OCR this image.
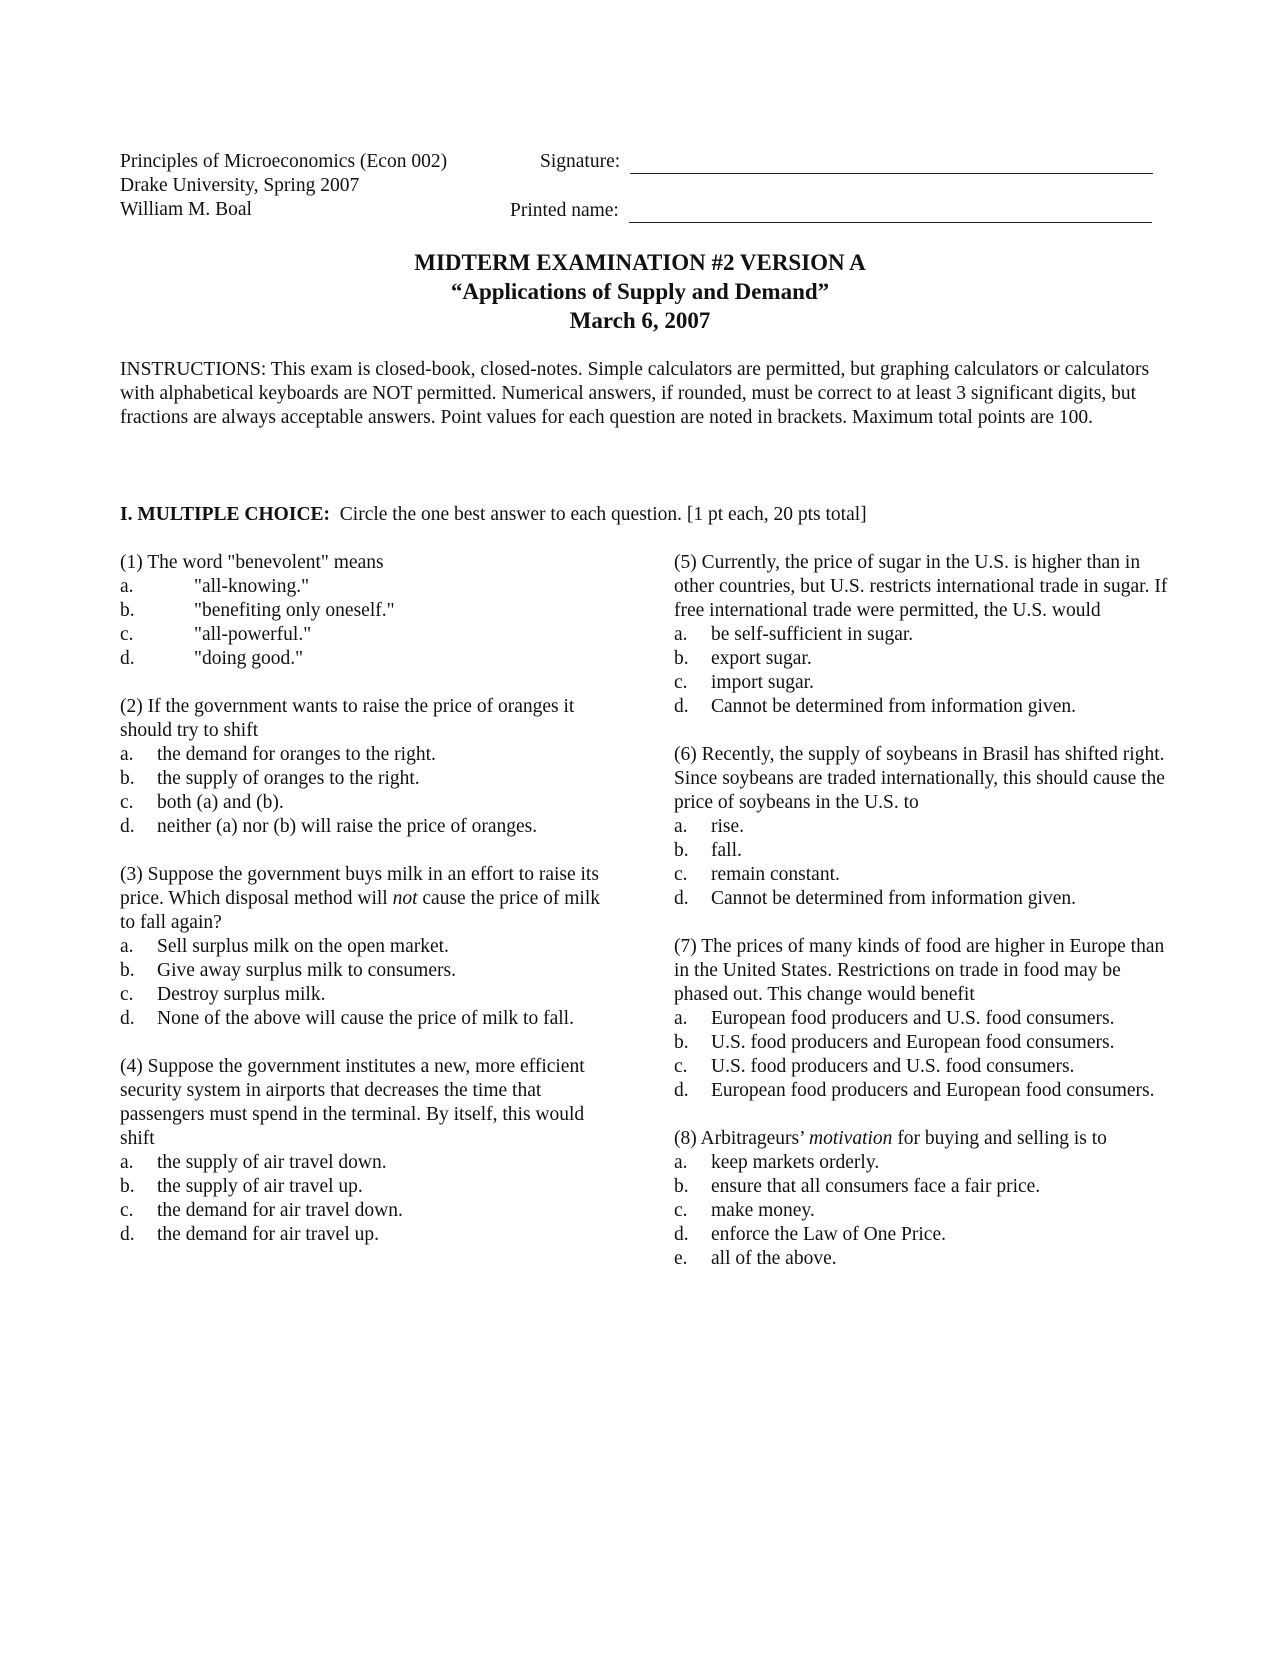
Principles of Microeconomics (Econ 002)
Drake University, Spring 2007
William M. Boal
Signature:
Printed name:
MIDTERM EXAMINATION #2 VERSION A
“Applications of Supply and Demand”
March 6, 2007
INSTRUCTIONS: This exam is closed-book, closed-notes. Simple calculators are permitted, but graphing calculators or calculators with alphabetical keyboards are NOT permitted. Numerical answers, if rounded, must be correct to at least 3 significant digits, but fractions are always acceptable answers. Point values for each question are noted in brackets. Maximum total points are 100.
I. MULTIPLE CHOICE: Circle the one best answer to each question. [1 pt each, 20 pts total]
(1) The word "benevolent" means
a.	"all-knowing."
b.	"benefiting only oneself."
c.	"all-powerful."
d.	"doing good."
(2) If the government wants to raise the price of oranges it should try to shift
a.	the demand for oranges to the right.
b.	the supply of oranges to the right.
c.	both (a) and (b).
d.	neither (a) nor (b) will raise the price of oranges.
(3) Suppose the government buys milk in an effort to raise its price. Which disposal method will not cause the price of milk to fall again?
a.	Sell surplus milk on the open market.
b.	Give away surplus milk to consumers.
c.	Destroy surplus milk.
d.	None of the above will cause the price of milk to fall.
(4) Suppose the government institutes a new, more efficient security system in airports that decreases the time that passengers must spend in the terminal. By itself, this would shift
a.	the supply of air travel down.
b.	the supply of air travel up.
c.	the demand for air travel down.
d.	the demand for air travel up.
(5) Currently, the price of sugar in the U.S. is higher than in other countries, but U.S. restricts international trade in sugar. If free international trade were permitted, the U.S. would
a.	be self-sufficient in sugar.
b.	export sugar.
c.	import sugar.
d.	Cannot be determined from information given.
(6) Recently, the supply of soybeans in Brasil has shifted right. Since soybeans are traded internationally, this should cause the price of soybeans in the U.S. to
a.	rise.
b.	fall.
c.	remain constant.
d.	Cannot be determined from information given.
(7) The prices of many kinds of food are higher in Europe than in the United States. Restrictions on trade in food may be phased out. This change would benefit
a.	European food producers and U.S. food consumers.
b.	U.S. food producers and European food consumers.
c.	U.S. food producers and U.S. food consumers.
d.	European food producers and European food consumers.
(8) Arbitrageurs’ motivation for buying and selling is to
a.	keep markets orderly.
b.	ensure that all consumers face a fair price.
c.	make money.
d.	enforce the Law of One Price.
e.	all of the above.
